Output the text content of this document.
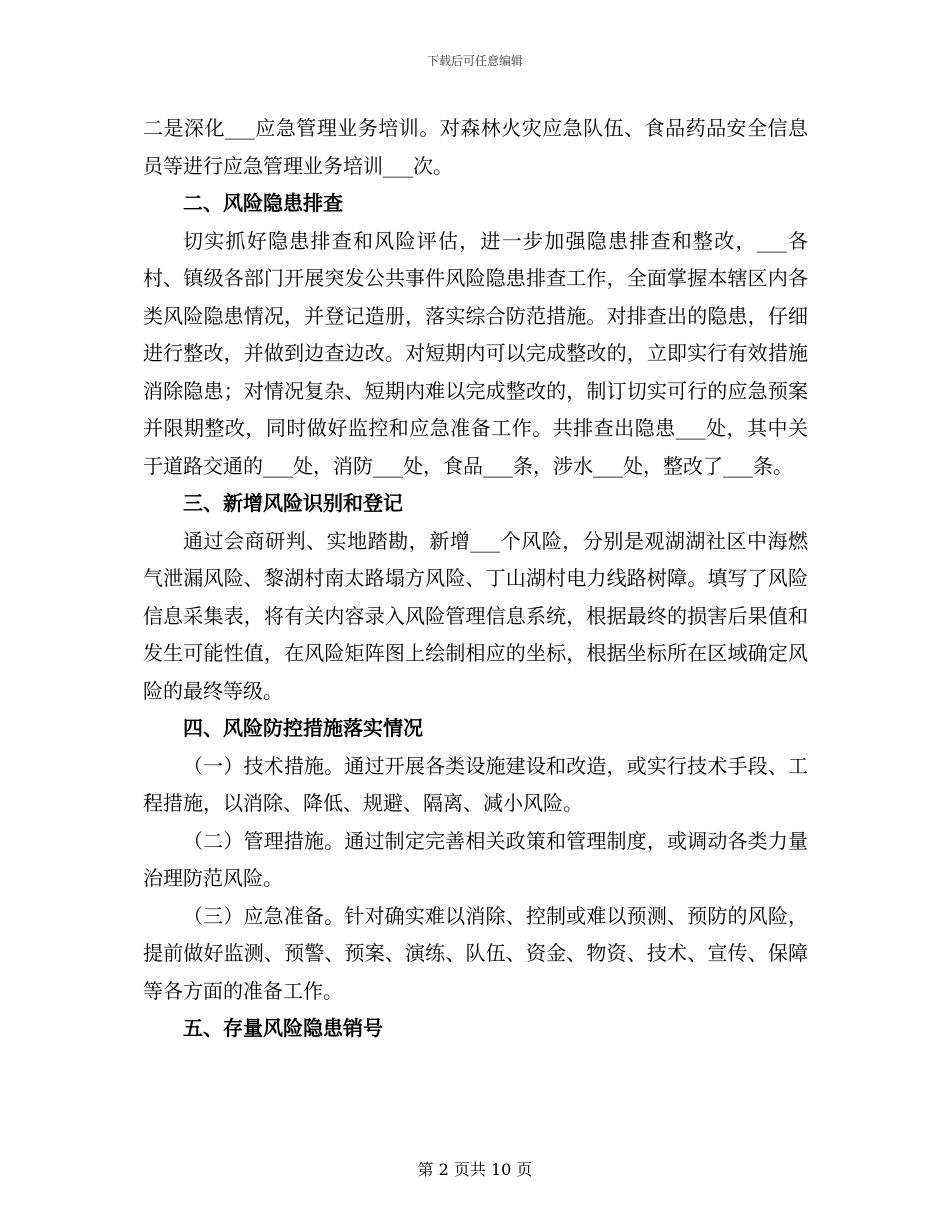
下载后可任意编辑

二是深化___应急管理业务培训。对森林火灾应急队伍、食品药品安全信息员等进行应急管理业务培训___次。

二、风险隐患排查

切实抓好隐患排查和风险评估，进一步加强隐患排查和整改，___各村、镇级各部门开展突发公共事件风险隐患排查工作，全面掌握本辖区内各类风险隐患情况，并登记造册，落实综合防范措施。对排查出的隐患，仔细进行整改，并做到边查边改。对短期内可以完成整改的，立即实行有效措施消除隐患；对情况复杂、短期内难以完成整改的，制订切实可行的应急预案并限期整改，同时做好监控和应急准备工作。共排查出隐患___处，其中关于道路交通的___处，消防___处，食品___条，涉水___处，整改了___条。

三、新增风险识别和登记

通过会商研判、实地踏勘，新增___个风险，分别是观湖湖社区中海燃气泄漏风险、黎湖村南太路塌方风险、丁山湖村电力线路树障。填写了风险信息采集表，将有关内容录入风险管理信息系统，根据最终的损害后果值和发生可能性值，在风险矩阵图上绘制相应的坐标，根据坐标所在区域确定风险的最终等级。

四、风险防控措施落实情况

（一）技术措施。通过开展各类设施建设和改造，或实行技术手段、工程措施，以消除、降低、规避、隔离、减小风险。

（二）管理措施。通过制定完善相关政策和管理制度，或调动各类力量治理防范风险。

（三）应急准备。针对确实难以消除、控制或难以预测、预防的风险，提前做好监测、预警、预案、演练、队伍、资金、物资、技术、宣传、保障等各方面的准备工作。

五、存量风险隐患销号
第 2 页共 10 页
